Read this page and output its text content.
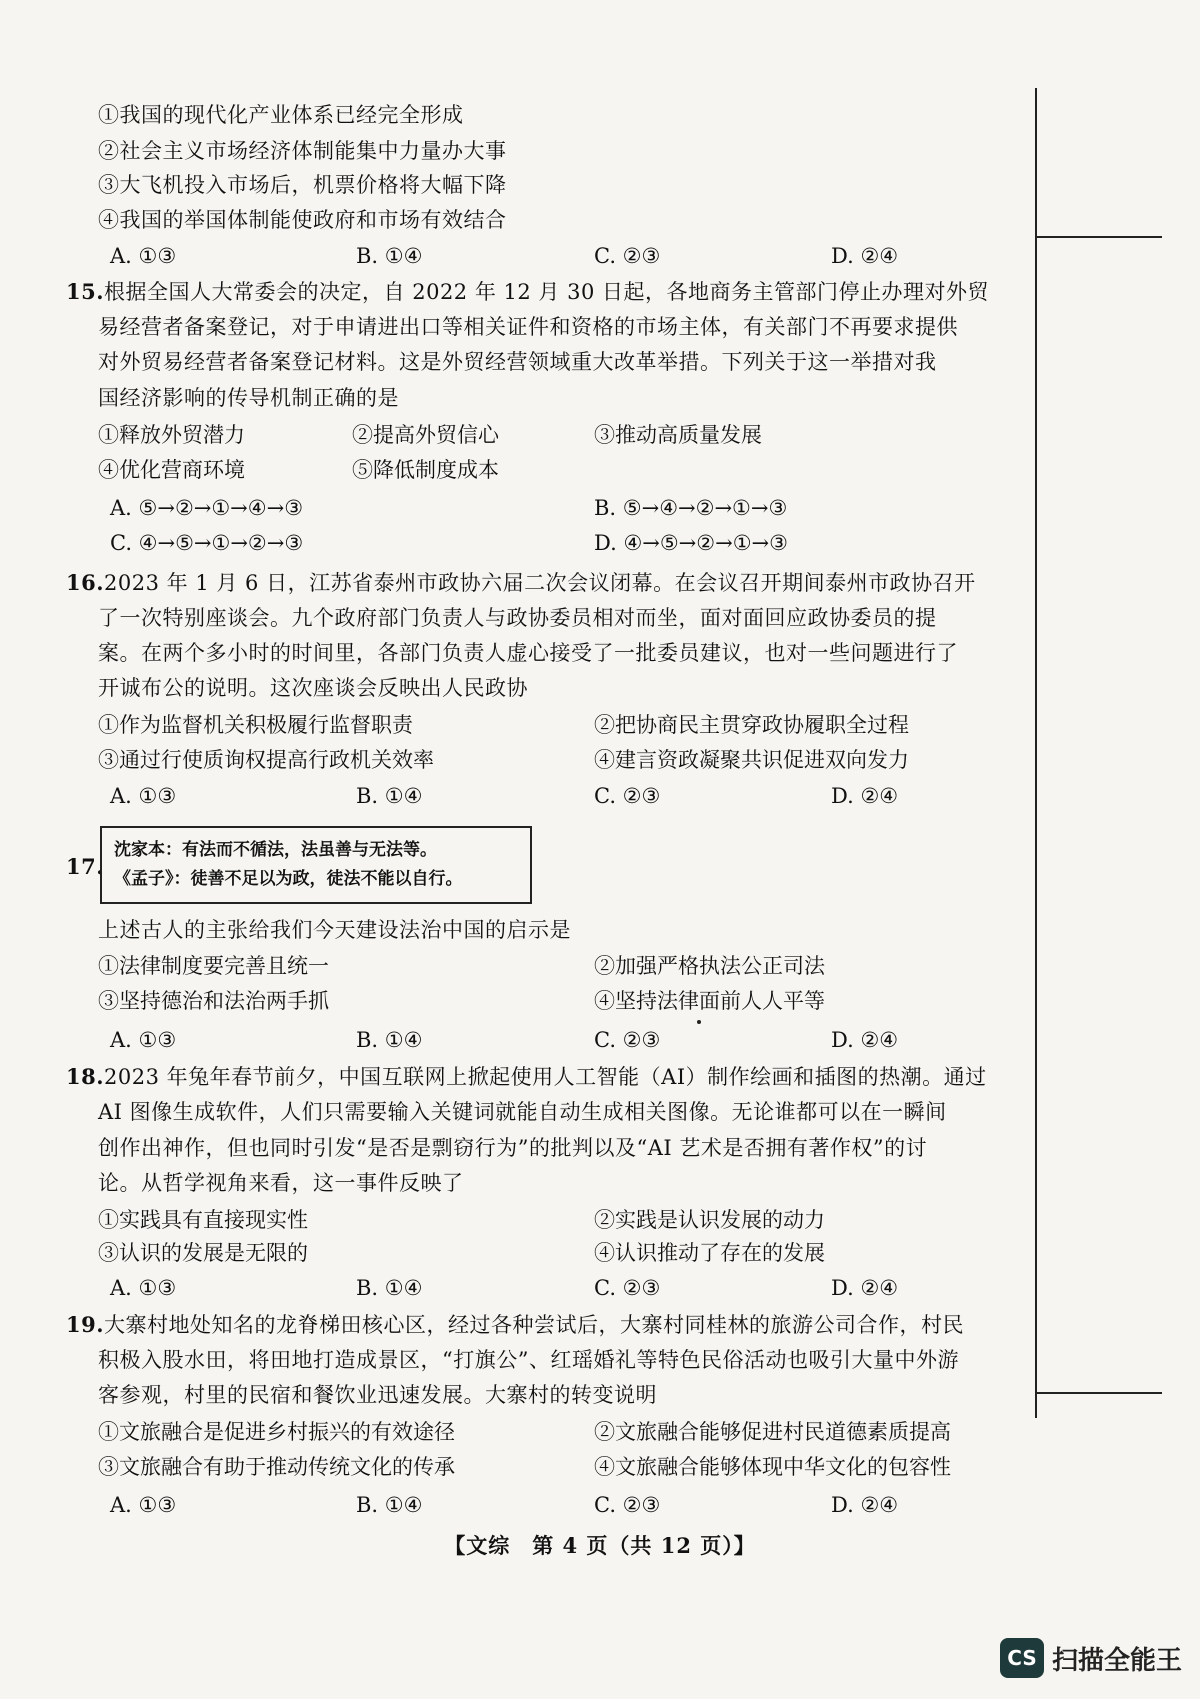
①我国的现代化产业体系已经完全形成
②社会主义市场经济体制能集中力量办大事
③大飞机投入市场后，机票价格将大幅下降
④我国的举国体制能使政府和市场有效结合
A. ①③	B. ①④	C. ②③	D. ②④
15.根据全国人大常委会的决定，自 2022 年 12 月 30 日起，各地商务主管部门停止办理对外贸
易经营者备案登记，对于申请进出口等相关证件和资格的市场主体，有关部门不再要求提供
对外贸易经营者备案登记材料。这是外贸经营领域重大改革举措。下列关于这一举措对我
国经济影响的传导机制正确的是
①释放外贸潜力	②提高外贸信心	③推动高质量发展
④优化营商环境	⑤降低制度成本
A. ⑤→②→①→④→③	B. ⑤→④→②→①→③
C. ④→⑤→①→②→③	D. ④→⑤→②→①→③
16.2023 年 1 月 6 日，江苏省泰州市政协六届二次会议闭幕。在会议召开期间泰州市政协召开
了一次特别座谈会。九个政府部门负责人与政协委员相对而坐，面对面回应政协委员的提
案。在两个多小时的时间里，各部门负责人虚心接受了一批委员建议，也对一些问题进行了
开诚布公的说明。这次座谈会反映出人民政协
①作为监督机关积极履行监督职责	②把协商民主贯穿政协履职全过程
③通过行使质询权提高行政机关效率	④建言资政凝聚共识促进双向发力
A. ①③	B. ①④	C. ②③	D. ②④
17.
沈家本：有法而不循法，法虽善与无法等。
《孟子》：徒善不足以为政，徒法不能以自行。
上述古人的主张给我们今天建设法治中国的启示是
①法律制度要完善且统一	②加强严格执法公正司法
③坚持德治和法治两手抓	④坚持法律面前人人平等
A. ①③	B. ①④	C. ②③	D. ②④
18.2023 年兔年春节前夕，中国互联网上掀起使用人工智能（AI）制作绘画和插图的热潮。通过
AI 图像生成软件，人们只需要输入关键词就能自动生成相关图像。无论谁都可以在一瞬间
创作出神作，但也同时引发“是否是剽窃行为”的批判以及“AI 艺术是否拥有著作权”的讨
论。从哲学视角来看，这一事件反映了
①实践具有直接现实性	②实践是认识发展的动力
③认识的发展是无限的	④认识推动了存在的发展
A. ①③	B. ①④	C. ②③	D. ②④
19.大寨村地处知名的龙脊梯田核心区，经过各种尝试后，大寨村同桂林的旅游公司合作，村民
积极入股水田，将田地打造成景区，“打旗公”、红瑶婚礼等特色民俗活动也吸引大量中外游
客参观，村里的民宿和餐饮业迅速发展。大寨村的转变说明
①文旅融合是促进乡村振兴的有效途径	②文旅融合能够促进村民道德素质提高
③文旅融合有助于推动传统文化的传承	④文旅融合能够体现中华文化的包容性
A. ①③	B. ①④	C. ②③	D. ②④
【文综　第 4 页（共 12 页）】
CS 扫描全能王
